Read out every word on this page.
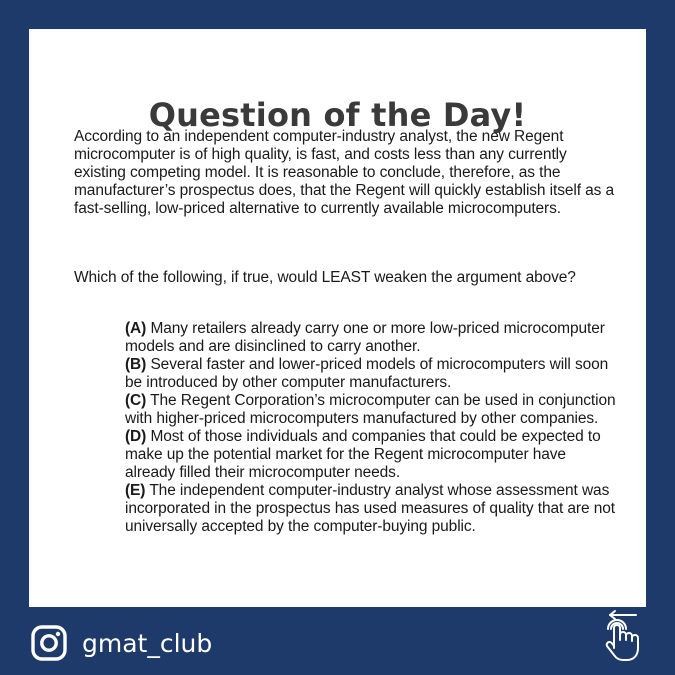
Question of the Day!

According to an independent computer-industry analyst, the new Regent microcomputer is of high quality, is fast, and costs less than any currently existing competing model. It is reasonable to conclude, therefore, as the manufacturer’s prospectus does, that the Regent will quickly establish itself as a fast-selling, low-priced alternative to currently available microcomputers.

Which of the following, if true, would LEAST weaken the argument above?

(A) Many retailers already carry one or more low-priced microcomputer models and are disinclined to carry another.
(B) Several faster and lower-priced models of microcomputers will soon be introduced by other computer manufacturers.
(C) The Regent Corporation’s microcomputer can be used in conjunction with higher-priced microcomputers manufactured by other companies.
(D) Most of those individuals and companies that could be expected to make up the potential market for the Regent microcomputer have already filled their microcomputer needs.
(E) The independent computer-industry analyst whose assessment was incorporated in the prospectus has used measures of quality that are not universally accepted by the computer-buying public.
gmat_club
